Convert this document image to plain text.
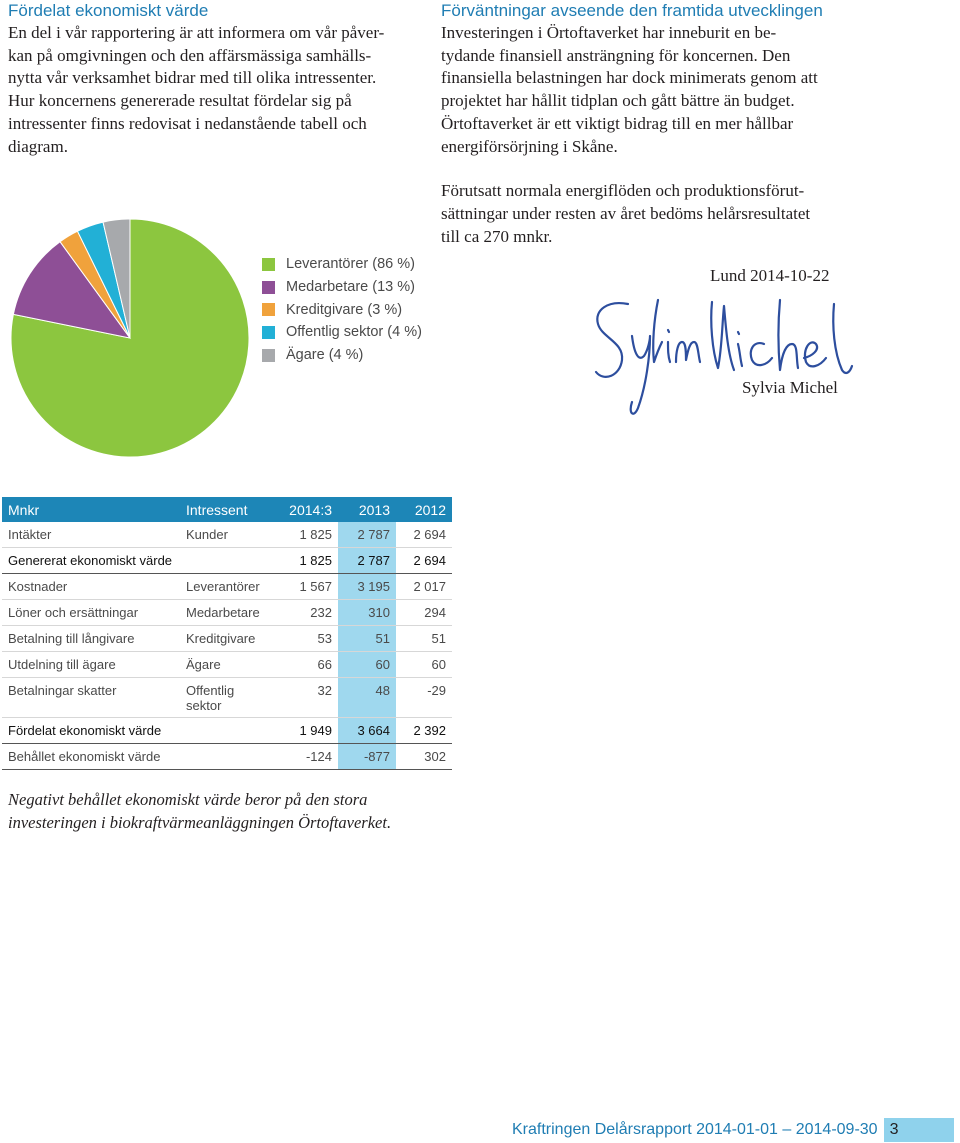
Fördelat ekonomiskt värde

En del i vår rapportering är att informera om vår påver-
kan på omgivningen och den affärsmässiga samhälls-
nytta vår verksamhet bidrar med till olika intressenter.
Hur koncernens genererade resultat fördelar sig på
intressenter finns redovisat i nedanstående tabell och
diagram.

Förväntningar avseende den framtida utvecklingen

Investeringen i Örtoftaverket har inneburit en be-
tydande finansiell ansträngning för koncernen. Den
finansiella belastningen har dock minimerats genom att
projektet har hållit tidplan och gått bättre än budget.
Örtoftaverket är ett viktigt bidrag till en mer hållbar
energiförsörjning i Skåne.

Förutsatt normala energiflöden och produktionsförut-
sättningar under resten av året bedöms helårsresultatet
till ca 270 mnkr.

Leverantörer (86 %)
Medarbetare (13 %)
Kreditgivare (3 %)
Offentlig sektor (4 %)
Ägare (4 %)
Lund 2014-10-22
Sylvia Michel
Mnkr	Intressent	2014:3	2013	2012
Intäkter	Kunder	1 825	2 787	2 694
Genererat ekonomiskt värde		1 825	2 787	2 694
Kostnader	Leverantörer	1 567	3 195	2 017
Löner och ersättningar	Medarbetare	232	310	294
Betalning till långivare	Kreditgivare	53	51	51
Utdelning till ägare	Ägare	66	60	60
Betalningar skatter	Offentlig
sektor	32	48	-29
Fördelat ekonomiskt värde		1 949	3 664	2 392
Behållet ekonomiskt värde		-124	-877	302
Negativt behållet ekonomiskt värde beror på den stora
investeringen i biokraftvärmeanläggningen Örtoftaverket.
Kraftringen Delårsrapport 2014-01-01 – 2014-09-30 3
